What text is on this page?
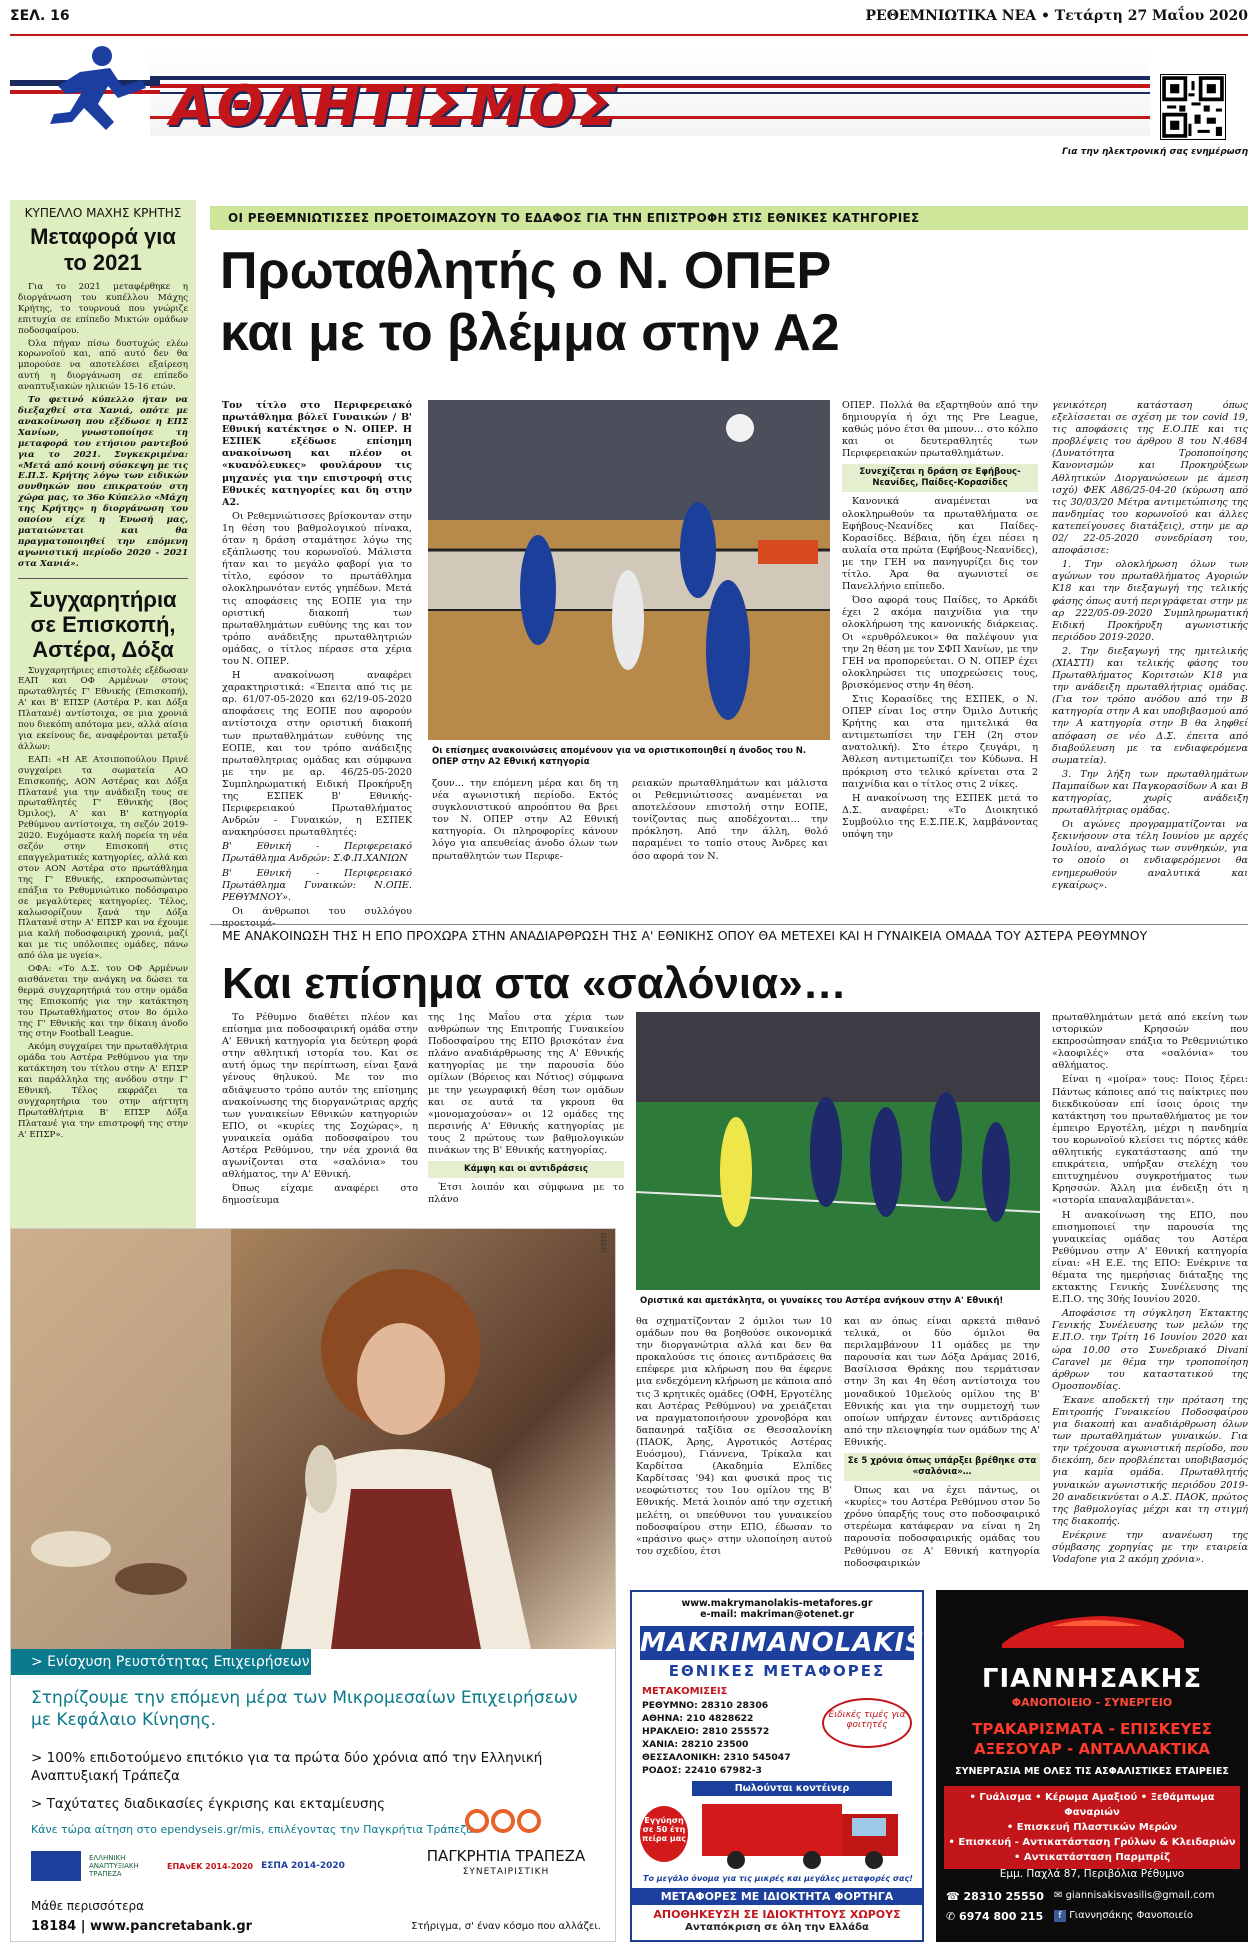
ΣΕΛ. 16	ΡΕΘΕΜΝΙΩΤΙΚΑ ΝΕΑ • Τετάρτη 27 Μαΐου 2020
ΑΘΛΗΤΙΣΜΟΣ
Για την ηλεκτρονική σας ενημέρωση
ΚΥΠΕΛΛΟ ΜΑΧΗΣ ΚΡΗΤΗΣ
Μεταφορά για το 2021

Για το 2021 μεταφέρθηκε η διοργάνωση του κυπέλλου Μάχης Κρήτης, το τουρνουά που γνώριζε επιτυχία σε επίπεδο Μικτών ομάδων ποδοσφαίρου.

Όλα πήγαν πίσω δυστυχώς ελέω κορωνοϊού και, από αυτό δεν θα μπορούσε να αποτελέσει εξαίρεση αυτή η διοργάνωση σε επίπεδο αναπτυξιακών ηλικιών 15-16 ετών.

Το φετινό κύπελλο ήταν να διεξαχθεί στα Χανιά, οπότε με ανακοίνωση που εξέδωσε η ΕΠΣ Χανίων, γνωστοποίησε τη μεταφορά του ετήσιου ραντεβού για το 2021. Συγκεκριμένα: «Μετά από κοινή σύσκεψη με τις Ε.Π.Σ. Κρήτης λόγω των ειδικών συνθηκών που επικρατούν στη χώρα μας, το 36ο Κύπελλο «Μάχη της Κρήτης» η διοργάνωση του οποίου είχε η Ένωσή μας, ματαιώνεται και θα πραγματοποιηθεί την επόμενη αγωνιστική περίοδο 2020 - 2021 στα Χανιά».

Συγχαρητήρια σε Επισκοπή, Αστέρα, Δόξα

Συγχαρητήριες επιστολές εξέδωσαν ΕΑΠ και ΟΦ Αρμένων στους πρωταθλητές Γ' Εθνικής (Επισκοπή), Α' και Β' ΕΠΣΡ (Αστέρα Ρ. και Δόξα Πλατανέ) αντίστοιχα, σε μια χρονιά που διεκόπη απότομα μεν, αλλά αίσια για εκείνους δε, αναφέρονται μεταξύ άλλων:

ΕΑΠ: «Η ΑΕ Ατσιποπούλου Πρινέ συγχαίρει τα σωματεία ΑΟ Επισκοπής, ΑΟΝ Αστέρας και Δόξα Πλατανέ για την ανάδειξη τους σε πρωταθλητές Γ' Εθνικής (8ος Όμιλος), Α' και Β' κατηγορία Ρεθύμνου αντίστοιχα, τη σεζόν 2019-2020. Ευχόμαστε καλή πορεία τη νέα σεζόν στην Επισκοπή στις επαγγελματικές κατηγορίες, αλλά και στον ΑΟΝ Αστέρα στο πρωτάθλημα της Γ' Εθνικής, εκπροσωπώντας επάξια το Ρεθυμνιώτικο ποδόσφαιρο σε μεγαλύτερες κατηγορίες. Τέλος, καλωσορίζουν ξανά την Δόξα Πλατανέ στην Α' ΕΠΣΡ και να έχουμε μια καλή ποδοσφαιρική χρονιά, μαζί και με τις υπόλοιπες ομάδες, πάνω από όλα με υγεία».

ΟΦΑ: «Το Δ.Σ. του ΟΦ Αρμένων αισθάνεται την ανάγκη να δώσει τα θερμά συγχαρητήριά του στην ομάδα της Επισκοπής για την κατάκτηση του Πρωταθλήματος στον 8ο όμιλο της Γ' Εθνικής και την δίκαιη άνοδο της στην Football League.

Ακόμη συγχαίρει την πρωταθλήτρια ομάδα του Αστέρα Ρεθύμνου για την κατάκτηση του τίτλου στην Α' ΕΠΣΡ και παράλληλα της ανόδου στην Γ' Εθνική. Τέλος εκφράζει τα συγχαρητήρια του στην αήττητη Πρωταθλήτρια Β' ΕΠΣΡ Δόξα Πλατανέ για την επιστροφή της στην Α' ΕΠΣΡ».

ΟΙ ΡΕΘΕΜΝΙΩΤΙΣΣΕΣ ΠΡΟΕΤΟΙΜΑΖΟΥΝ ΤΟ ΕΔΑΦΟΣ ΓΙΑ ΤΗΝ ΕΠΙΣΤΡΟΦΗ ΣΤΙΣ ΕΘΝΙΚΕΣ ΚΑΤΗΓΟΡΙΕΣ
Πρωταθλητής ο Ν. ΟΠΕΡ
και με το βλέμμα στην Α2

Τον τίτλο στο Περιφερειακό πρωτάθλημα βόλεϊ Γυναικών / Β' Εθνική κατέκτησε ο Ν. ΟΠΕΡ. Η ΕΣΠΕΚ εξέδωσε επίσημη ανακοίνωση και πλέον οι «κυανόλευκες» φουλάρουν τις μηχανές για την επιστροφή στις Εθνικές κατηγορίες και δη στην Α2.

Οι Ρεθεμνιώτισσες βρίσκονταν στην 1η θέση του βαθμολογικού πίνακα, όταν η δράση σταμάτησε λόγω της εξάπλωσης του κορωνοϊού. Μάλιστα ήταν και το μεγάλο φαβορί για το τίτλο, εφόσον το πρωτάθλημα ολοκληρωνόταν εντός γηπέδων. Μετά τις αποφάσεις της ΕΟΠΕ για την οριστική διακοπή των πρωταθλημάτων ευθύνης της και τον τρόπο ανάδειξης πρωταθλητριών ομάδας, ο τίτλος πέρασε στα χέρια του Ν. ΟΠΕΡ.

Η ανακοίνωση αναφέρει χαρακτηριστικά: «Έπειτα από τις με αρ. 61/07-05-2020 και 62/19-05-2020 αποφάσεις της ΕΟΠΕ που αφορούν αντίστοιχα στην οριστική διακοπή των πρωταθλημάτων ευθύνης της ΕΟΠΕ, και τον τρόπο ανάδειξης πρωταθλητριας ομάδας και σύμφωνα με την με αρ. 46/25-05-2020 Συμπληρωματική Ειδική Προκήρυξη της ΕΣΠΕΚ Β' Εθνικής- Περιφερειακού Πρωταθλήματος Ανδρών - Γυναικών, η ΕΣΠΕΚ ανακηρύσσει πρωταθλητές:

Β' Εθνική - Περιφερειακό Πρωτάθλημα Ανδρών: Σ.Φ.Π.ΧΑΝΙΩΝ

Β' Εθνική - Περιφερειακό Πρωτάθλημα Γυναικών: Ν.ΟΠΕ. ΡΕΘΥΜΝΟΥ».

Οι άνθρωποι του συλλόγου προετοιμά-

Οι επίσημες ανακοινώσεις απομένουν για να οριστικοποιηθεί η άνοδος του Ν. ΟΠΕΡ στην Α2 Εθνική κατηγορία

ζουν… την επόμενη μέρα και δη τη νέα αγωνιστική περίοδο. Εκτός συγκλονιστικού απροόπτου θα βρει τον Ν. ΟΠΕΡ στην Α2 Εθνική κατηγορία. Οι πληροφορίες κάνουν λόγο για απευθείας άνοδο όλων των πρωταθλητών των Περιφε-

ρειακών πρωταθλημάτων και μάλιστα οι Ρεθεμνιώτισσες αναμένεται να αποτελέσουν επιστολή στην ΕΟΠΕ, τονίζοντας πως αποδέχονται… την πρόκληση. Από την άλλη, θολό παραμένει το τοπίο στους Άνδρες και όσο αφορά τον Ν.

ΟΠΕΡ. Πολλά θα εξαρτηθούν από την δημιουργία ή όχι της Pre League, καθώς μόνο έτσι θα μπουν… στο κόλπο και οι δευτεραθλητές των Περιφερειακών πρωταθλημάτων.

Συνεχίζεται η δράση σε Εφήβους-Νεανίδες, Παίδες-Κορασίδες

Κανονικά αναμένεται να ολοκληρωθούν τα πρωταθλήματα σε Εφήβους-Νεανίδες και Παίδες-Κορασίδες. Βέβαια, ήδη έχει πέσει η αυλαία στα πρώτα (Εφήβους-Νεανίδες), με την ΓΕΗ να πανηγυρίζει δις τον τίτλο. Άρα θα αγωνιστεί σε Πανελλήνιο επίπεδο.

Όσο αφορά τους Παίδες, το Αρκάδι έχει 2 ακόμα παιχνίδια για την ολοκλήρωση της κανονικής διάρκειας. Οι «ερυθρόλευκοι» θα παλέψουν για την 2η θέση με τον ΣΦΠ Χανίων, με την ΓΕΗ να προπορεύεται. Ο Ν. ΟΠΕΡ έχει ολοκληρώσει τις υποχρεώσεις τους, βρισκόμενος στην 4η θέση.

Στις Κορασίδες της ΕΣΠΕΚ, ο Ν. ΟΠΕΡ είναι 1ος στην Όμιλο Δυτικής Κρήτης και στα ημιτελικά θα αντιμετωπίσει την ΓΕΗ (2η στον ανατολική). Στο έτερο ζευγάρι, η Άθλεση αντιμετωπίζει τον Κύδωνα. Η πρόκριση στο τελικό κρίνεται στα 2 παιχνίδια και ο τίτλος στις 2 νίκες.

Η ανακοίνωση της ΕΣΠΕΚ μετά το Δ.Σ. αναφέρει: «Το Διοικητικό Συμβούλιο της Ε.Σ.ΠΕ.Κ, λαμβάνοντας υπόψη την

γενικότερη κατάσταση όπως εξελίσσεται σε σχέση με τον covid 19, τις αποφάσεις της Ε.Ο.ΠΕ και τις προβλέψεις του άρθρου 8 του Ν.4684 (Δυνατότητα Τροποποίησης Κανονισμών και Προκηρύξεων Αθλητικών Διοργανώσεων με άμεση ισχύ) ΦΕΚ Α86/25-04-20 (κύρωση από τις 30/03/20 Μέτρα αντιμετώπισης της πανδημίας του κορωνοϊού και άλλες κατεπείγουσες διατάξεις), στην με αρ 02/ 22-05-2020 συνεδρίαση του, αποφάσισε:

1. Την ολοκλήρωση όλων των αγώνων του πρωταθλήματος Αγοριών Κ18 και την διεξαγωγή της τελικής φάσης όπως αυτή περιγράφεται στην με αρ 222/05-09-2020 Συμπληρωματική Ειδική Προκήρυξη αγωνιστικής περιόδου 2019-2020.

2. Την διεξαγωγή της ημιτελικής (ΧΙΑΣΤΙ) και τελικής φάσης του Πρωταθλήματος Κοριτσιών Κ18 για την ανάδειξη πρωταθλήτριας ομάδας. (Για τον τρόπο ανόδου από την Β κατηγορία στην Α και υποβιβασμού από την Α κατηγορία στην Β θα ληφθεί απόφαση σε νέο Δ.Σ. έπειτα από διαβούλευση με τα ενδιαφερόμενα σωματεία).

3. Την λήξη των πρωταθλημάτων Παμπαίδων και Παγκορασίδων Α και Β κατηγορίας, χωρίς ανάδειξη πρωταθλήτριας ομάδας.

Οι αγώνες προγραμματίζονται να ξεκινήσουν στα τέλη Ιουνίου με αρχές Ιουλίου, αναλόγως των συνθηκών, για το οποίο οι ενδιαφερόμενοι θα ενημερωθούν αναλυτικά και εγκαίρως».

ΜΕ ΑΝΑΚΟΙΝΩΣΗ ΤΗΣ Η ΕΠΟ ΠΡΟΧΩΡΑ ΣΤΗΝ ΑΝΑΔΙΑΡΘΡΩΣΗ ΤΗΣ Α' ΕΘΝΙΚΗΣ ΟΠΟΥ ΘΑ ΜΕΤΕΧΕΙ ΚΑΙ Η ΓΥΝΑΙΚΕΙΑ ΟΜΑΔΑ ΤΟΥ ΑΣΤΕΡΑ ΡΕΘΥΜΝΟΥ
Και επίσημα στα «σαλόνια»…

Το Ρέθυμνο διαθέτει πλέον και επίσημα μια ποδοσφαιρική ομάδα στην Α' Εθνική κατηγορία για δεύτερη φορά στην αθλητική ιστορία του. Και σε αυτή όμως την περίπτωση, είναι ξανά γένους θηλυκού. Με τον πιο αδιάψευστο τρόπο αυτόν της επίσημης ανακοίνωσης της διοργανώτριας αρχής των γυναικείων Εθνικών κατηγοριών ΕΠΟ, οι «κυρίες της Σοχώρας», η γυναικεία ομάδα ποδοσφαίρου του Αστέρα Ρεθύμνου, την νέα χρονιά θα αγωνίζονται στα «σαλόνια» του αθλήματος, την Α' Εθνική.

Όπως είχαμε αναφέρει στο δημοσίευμα

της 1ης Μαΐου στα χέρια των ανθρώπων της Επιτροπής Γυναικείου Ποδοσφαίρου της ΕΠΟ βρισκόταν ένα πλάνο αναδιάρθρωσης της Α' Εθνικής κατηγορίας με την παρουσία δύο ομίλων (Βόρειος και Νότιος) σύμφωνα με την γεωγραφική θέση των ομάδων και σε αυτά τα γκρουπ θα «μονομαχούσαν» οι 12 ομάδες της περσινής Α' Εθνικής κατηγορίας με τους 2 πρώτους των βαθμολογικών πινάκων της Β' Εθνικής κατηγορίας.

Κάμψη και οι αντιδράσεις

Έτσι λοιπόν και σύμφωνα με το πλάνο

Οριστικά και αμετάκλητα, οι γυναίκες του Αστέρα ανήκουν στην Α' Εθνική!

θα σχηματίζονταν 2 όμιλοι των 10 ομάδων που θα βοηθούσε οικονομικά την διοργανώτρια αλλά και δεν θα προκαλούσε τις όποιες αντιδράσεις θα επέφερε μια κλήρωση που θα έφερνε μια ενδεχόμενη κλήρωση με κάποια από τις 3 κρητικές ομάδες (ΟΦΗ, Εργοτέλης και Αστέρας Ρεθύμνου) να χρειάζεται να πραγματοποιήσουν χρονοβόρα και δαπανηρά ταξίδια σε Θεσσαλονίκη (ΠΑΟΚ, Άρης, Αγροτικός Αστέρας Ευόσμου), Γιάννενα, Τρίκαλα και Καρδίτσα (Ακαδημία Ελπίδες Καρδίτσας '94) και φυσικά προς τις νεοφώτιστες του 1ου ομίλου της Β' Εθνικής. Μετά λοιπόν από την σχετική μελέτη, οι υπεύθυνοι του γυναικείου ποδοσφαίρου στην ΕΠΟ, έδωσαν το «πράσινο φως» στην υλοποίηση αυτού του σχεδίου, έτσι

και αν όπως είναι αρκετά πιθανό τελικά, οι δύο όμιλοι θα περιλαμβάνουν 11 ομάδες με την παρουσία και των Δόξα Δράμας 2016, Βασίλισσα Θράκης που τερμάτισαν στην 3η και 4η θέση αντίστοιχα του μοναδικού 10μελούς ομίλου της Β' Εθνικής και για την συμμετοχή των οποίων υπήρχαν έντονες αντιδράσεις από την πλειοψηφία των ομάδων της Α' Εθνικής.

Σε 5 χρόνια όπως υπάρξει βρέθηκε στα «σαλόνια»…

Όπως και να έχει πάντως, οι «κυρίες» του Αστέρα Ρεθύμνου στον 5ο χρόνο ύπαρξής τους στο ποδοσφαιρικό στερέωμα κατάφεραν να είναι η 2η παρουσία ποδοσφαιρικής ομάδας του Ρεθύμνου σε Α' Εθνική κατηγορία ποδοσφαιρικών

πρωταθλημάτων μετά από εκείνη των ιστορικών Κρησσών που εκπροσώπησαν επάξια το Ρεθεμνιώτικο «λαοφιλές» στα «σαλόνια» του αθλήματος.

Είναι η «μοίρα» τους: Ποιος ξέρει: Πάντως κάποιες από τις παίκτριες που διεκδικούσαν επί ίσοις όροις την κατάκτηση του πρωταθλήματος με τον έμπειρο Εργοτέλη, μέχρι η πανδημία του κορωνοϊού κλείσει τις πόρτες κάθε αθλητικής εγκατάστασης από την επικράτεια, υπήρξαν στελέχη του επιτυχημένου συγκροτήματος των Κρησσών. Άλλη μια ένδειξη ότι η «ιστορία επαναλαμβάνεται».

Η ανακοίνωση της ΕΠΟ, που επισημοποιεί την παρουσία της γυναικείας ομάδας του Αστέρα Ρεθύμνου στην Α' Εθνική κατηγορία είναι: «Η Ε.Ε. της ΕΠΟ: Ενέκρινε τα θέματα της ημερήσιας διάταξης της εκτακτης Γενικής Συνέλευσης της Ε.Π.Ο. της 30ής Ιουνίου 2020.

Αποφάσισε τη σύγκληση Έκτακτης Γενικής Συνέλευσης των μελών της Ε.Π.Ο. την Τρίτη 16 Ιουνίου 2020 και ώρα 10.00 στο Συνεδριακό Divani Caravel με θέμα την τροποποίηση άρθρων του καταστατικού της Ομοσπονδίας.

Έκανε αποδεκτή την πρόταση της Επιτροπής Γυναικείου Ποδοσφαίρου για διακοπή και αναδιάρθρωση όλων των πρωταθλημάτων γυναικών. Για την τρέχουσα αγωνιστική περίοδο, που διεκόπη, δεν προβλέπεται υποβιβασμός για καμία ομάδα. Πρωταθλητής γυναικών αγωνιστικής περιόδου 2019-20 αναδεικνύεται ο Α.Σ. ΠΑΟΚ, πρώτος της βαθμολογίας μέχρι και τη στιγμή της διακοπής.

Ενέκρινε την ανανέωση της σύμβασης χορηγίας με την εταιρεία Vodafone για 2 ακόμη χρόνια».

ΟΣΕΟ
> Ενίσχυση Ρευστότητας Επιχειρήσεων
Στηρίζουμε την επόμενη μέρα των Μικρομεσαίων Επιχειρήσεων με Κεφάλαιο Κίνησης.
> 100% επιδοτούμενο επιτόκιο για τα πρώτα δύο χρόνια από την Ελληνική Αναπτυξιακή Τράπεζα
> Ταχύτατες διαδικασίες έγκρισης και εκταμίευσης
Κάνε τώρα αίτηση στο ependyseis.gr/mis, επιλέγοντας την Παγκρήτια Τράπεζα.
ΕΛΛΗΝΙΚΗ ΑΝΑΠΤΥΞΙΑΚΗ ΤΡΑΠΕΖΑ
ΕΠΑνΕΚ 2014-2020 ΕΣΠΑ 2014-2020
Μάθε περισσότερα
18184 | www.pancretabank.gr
ΠΑΓΚΡΗΤΙΑ ΤΡΑΠΕΖΑ
ΣΥΝΕΤΑΙΡΙΣΤΙΚΗ
Στήριγμα, σ' έναν κόσμο που αλλάζει.
www.makrymanolakis-metafores.gr
e-mail: makriman@otenet.gr
MAKRIMANOLAKIS
ΕΘΝΙΚΕΣ ΜΕΤΑΦΟΡΕΣ
ΜΕΤΑΚΟΜΙΣΕΙΣ
ΡΕΘΥΜΝΟ: 28310 28306
ΑΘΗΝΑ: 210 4828622
ΗΡΑΚΛΕΙΟ: 2810 255572
ΧΑΝΙΑ: 28210 23500
ΘΕΣΣΑΛΟΝΙΚΗ: 2310 545047
ΡΟΔΟΣ: 22410 67982-3
Ειδικές τιμές για φοιτητές
Πωλούνται κοντέινερ
Εγγύηση σε 50 έτη πείρα μας
Το μεγάλο όνομα για τις μικρές και μεγάλες μεταφορές σας!
ΜΕΤΑΦΟΡΕΣ ΜΕ ΙΔΙΟΚΤΗΤΑ ΦΟΡΤΗΓΑ
ΑΠΟΘΗΚΕΥΣΗ ΣΕ ΙΔΙΟΚΤΗΤΟΥΣ ΧΩΡΟΥΣ
Ανταπόκριση σε όλη την Ελλάδα
ΓΙΑΝΝΗΣΑΚΗΣ
ΦΑΝΟΠΟΙΕΙΟ - ΣΥΝΕΡΓΕΙΟ
ΤΡΑΚΑΡΙΣΜΑΤΑ - ΕΠΙΣΚΕΥΕΣ
ΑΞΕΣΟΥΑΡ - ΑΝΤΑΛΛΑΚΤΙΚΑ
ΣΥΝΕΡΓΑΣΙΑ ΜΕ ΟΛΕΣ ΤΙΣ ΑΣΦΑΛΙΣΤΙΚΕΣ ΕΤΑΙΡΕΙΕΣ
• Γυάλισμα • Κέρωμα Αμαξιού • Ξεθάμπωμα Φαναριών
• Επισκευή Πλαστικών Μερών
• Επισκευή - Αντικατάσταση Γρύλων & Κλειδαριών
• Αντικατάσταση Παρμπρίζ
Εμμ. Παχλά 87, Περιβόλια Ρέθυμνο
☎ 28310 25550
✆ 6974 800 215
✉ giannisakisvasilis@gmail.com
f Γιαννησάκης Φανοποιείο
